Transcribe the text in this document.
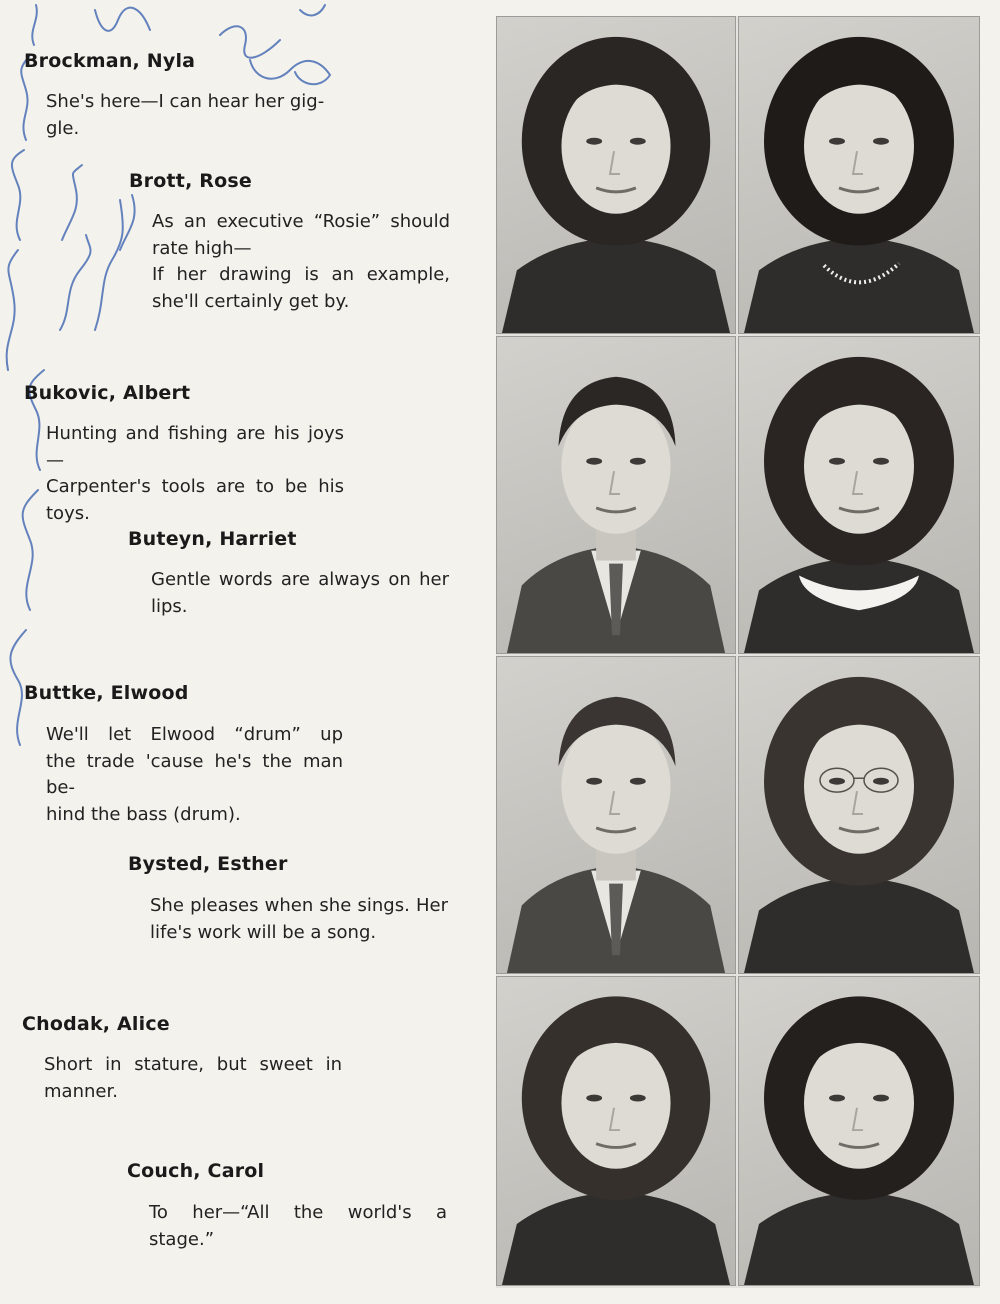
Brockman, Nyla
She's here—I can hear her gig-
gle.
Brott, Rose
As an executive “Rosie” should
rate high—
If her drawing is an example,
she'll certainly get by.
Bukovic, Albert
Hunting and fishing are his joys—
Carpenter's tools are to be his
toys.
Buteyn, Harriet
Gentle words are always on her
lips.
Buttke, Elwood
We'll let Elwood “drum” up
the trade 'cause he's the man be-
hind the bass (drum).
Bysted, Esther
She pleases when she sings. Her
life's work will be a song.
Chodak, Alice
Short in stature, but sweet in
manner.
Couch, Carol
To her—“All the world's a
stage.”
